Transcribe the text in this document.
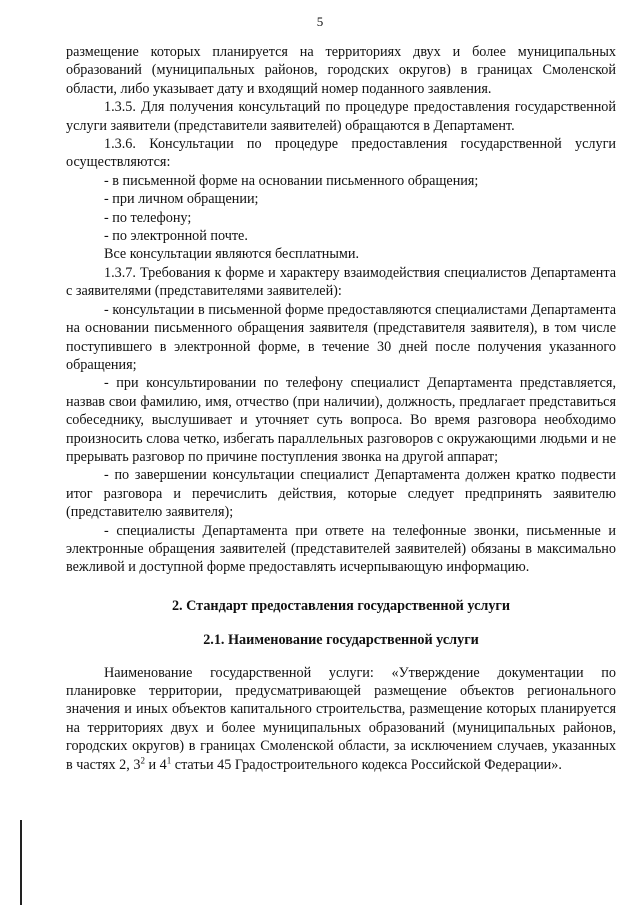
5

размещение которых планируется на территориях двух и более муниципальных образований (муниципальных районов, городских округов) в границах Смоленской области, либо указывает дату и входящий номер поданного заявления.

1.3.5. Для получения консультаций по процедуре предоставления государственной услуги заявители (представители заявителей) обращаются в Департамент.

1.3.6. Консультации по процедуре предоставления государственной услуги осуществляются:

- в письменной форме на основании письменного обращения;

- при личном обращении;

- по телефону;

- по электронной почте.

Все консультации являются бесплатными.

1.3.7. Требования к форме и характеру взаимодействия специалистов Департамента с заявителями (представителями заявителей):

- консультации в письменной форме предоставляются специалистами Департамента на основании письменного обращения заявителя (представителя заявителя), в том числе поступившего в электронной форме, в течение 30 дней после получения указанного обращения;

- при консультировании по телефону специалист Департамента представляется, назвав свои фамилию, имя, отчество (при наличии), должность, предлагает представиться собеседнику, выслушивает и уточняет суть вопроса. Во время разговора необходимо произносить слова четко, избегать параллельных разговоров с окружающими людьми и не прерывать разговор по причине поступления звонка на другой аппарат;

- по завершении консультации специалист Департамента должен кратко подвести итог разговора и перечислить действия, которые следует предпринять заявителю (представителю заявителя);

- специалисты Департамента при ответе на телефонные звонки, письменные и электронные обращения заявителей (представителей заявителей) обязаны в максимально вежливой и доступной форме предоставлять исчерпывающую информацию.

2. Стандарт предоставления государственной услуги

2.1. Наименование государственной услуги

Наименование государственной услуги: «Утверждение документации по планировке территории, предусматривающей размещение объектов регионального значения и иных объектов капитального строительства, размещение которых планируется на территориях двух и более муниципальных образований (муниципальных районов, городских округов) в границах Смоленской области, за исключением случаев, указанных в частях 2, $3^2$ и $4^1$ статьи 45 Градостроительного кодекса Российской Федерации».
